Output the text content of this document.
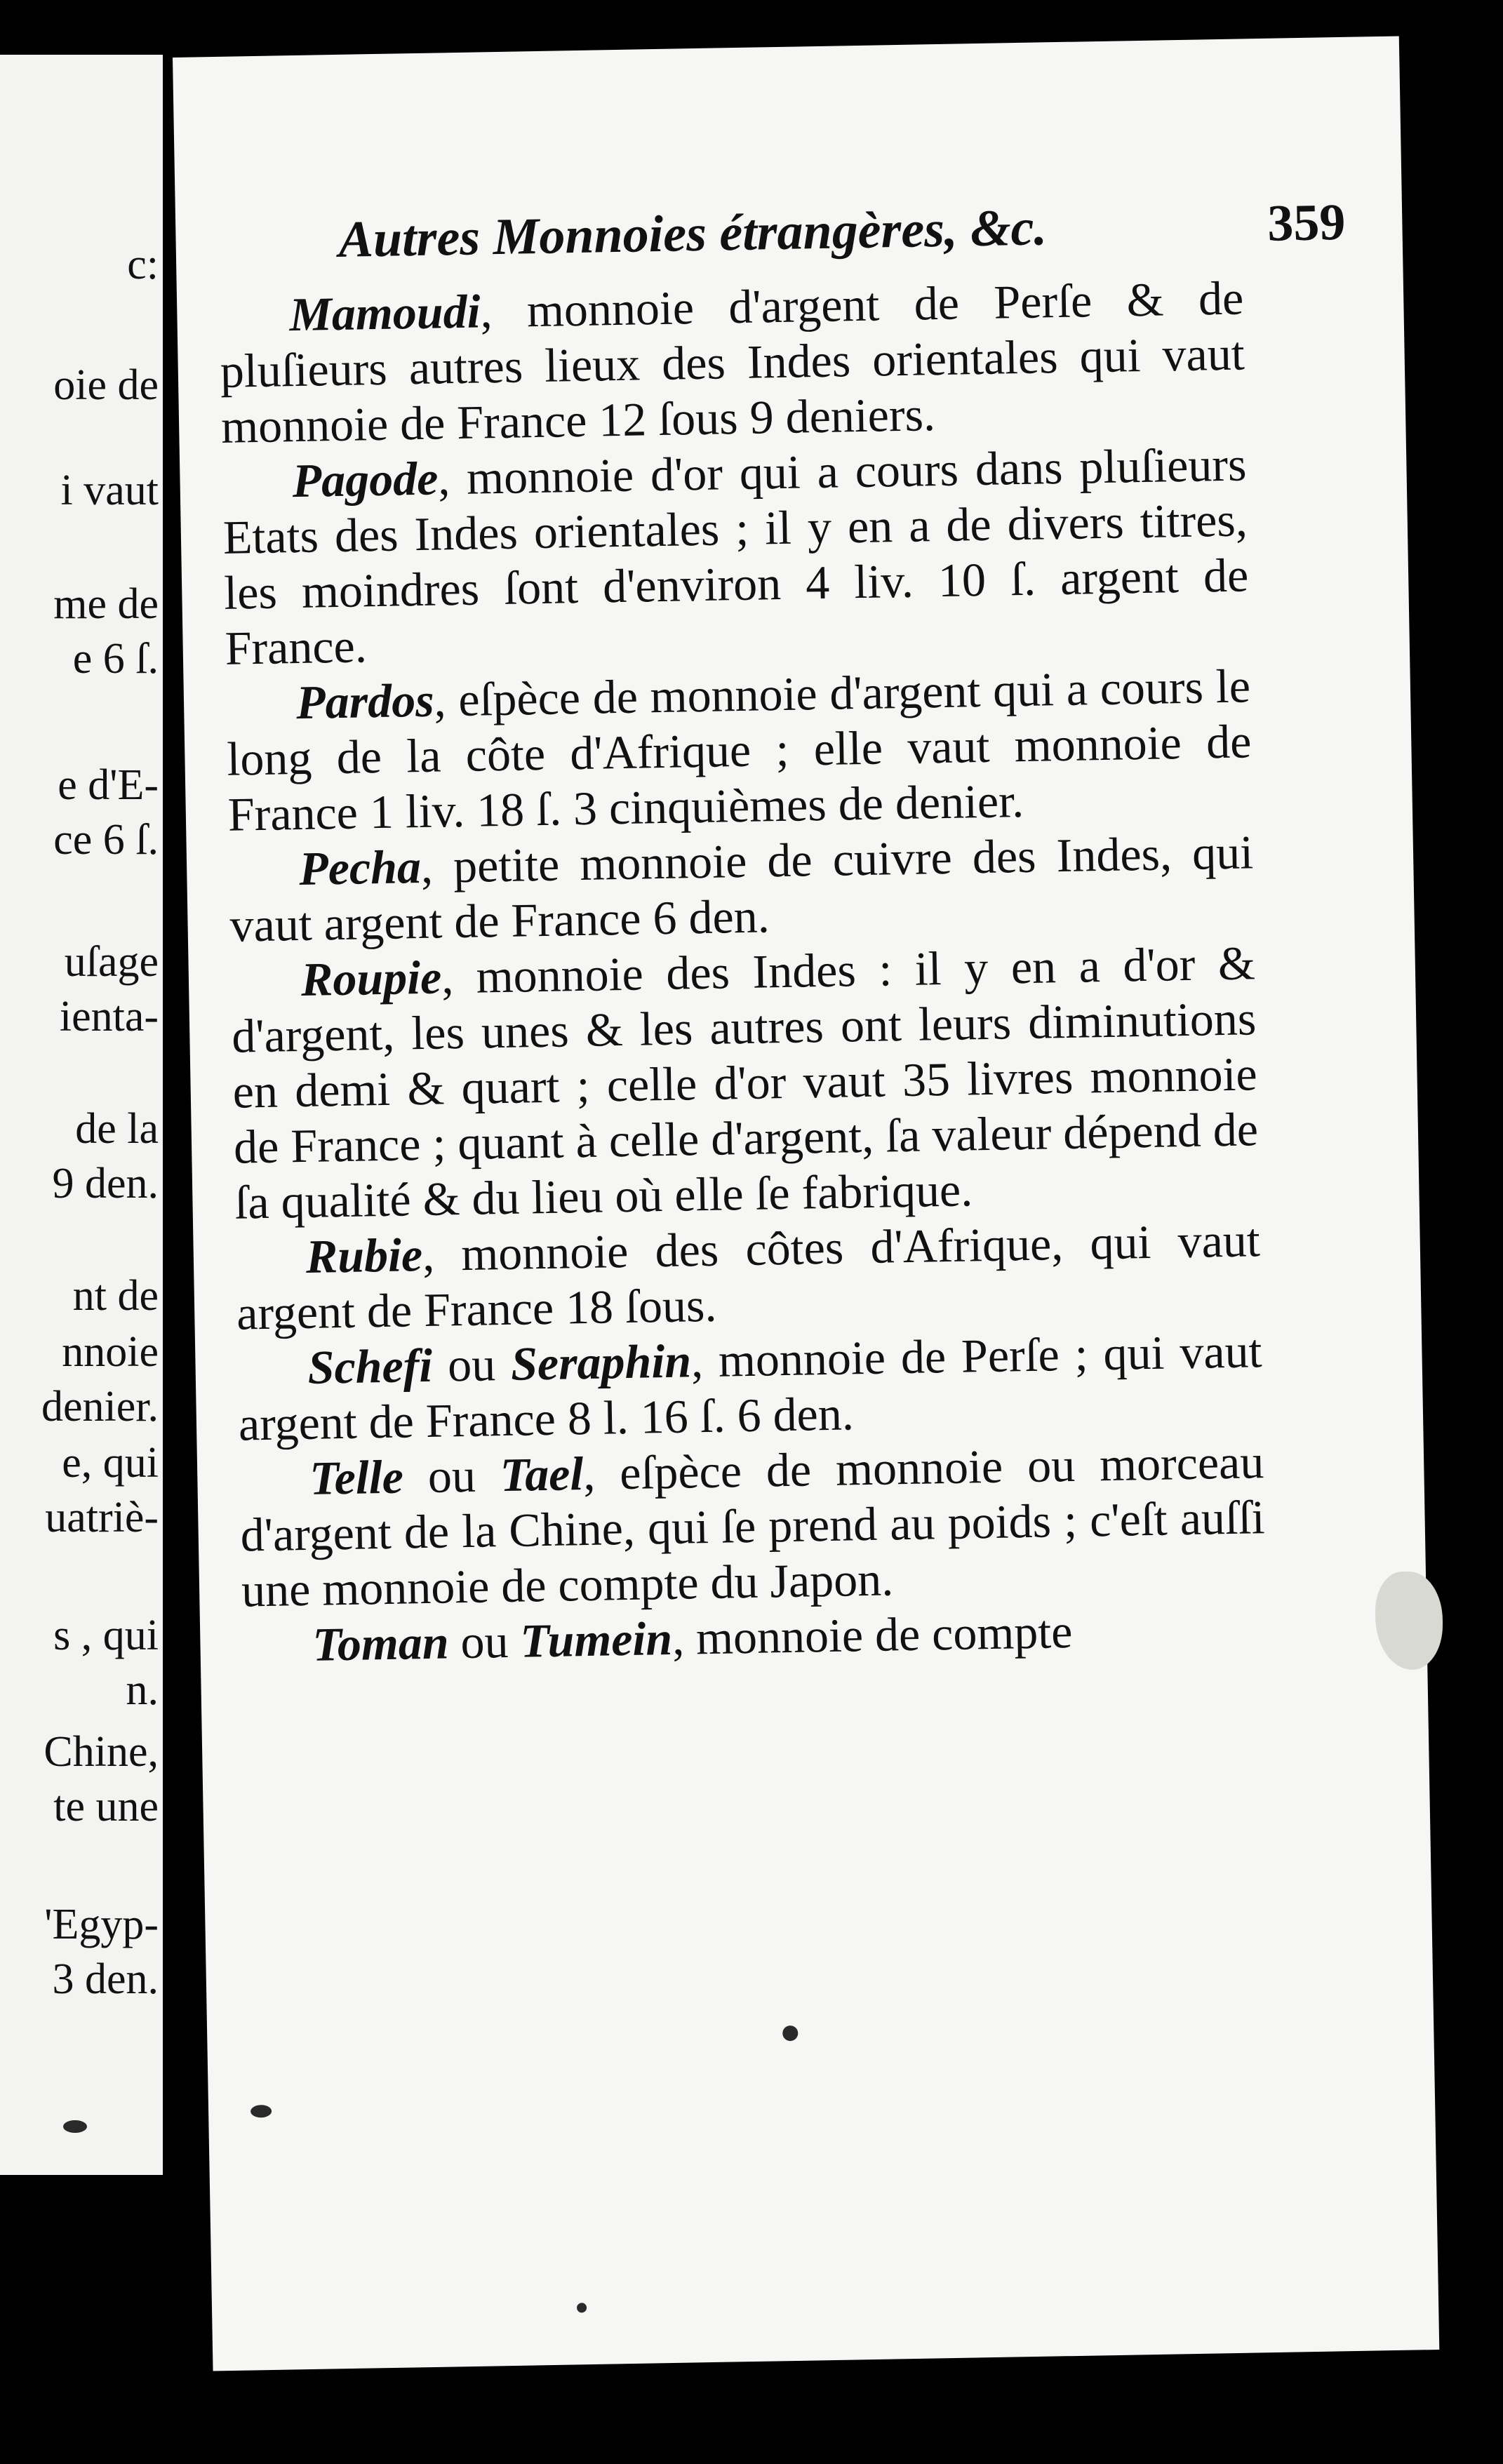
c:

oie de

i vaut

me de

e 6 ſ.

e d'E-

ce 6 ſ.

uſage

ienta-

de la

9 den.

nt de

nnoie

denier.

e, qui

uatriè-

s , qui

n.

Chine,

te une

'Egyp-

3 den.

Autres Monnoies étrangères, &c.	359

Mamoudi, monnoie d'argent de Perſe & de pluſieurs autres lieux des Indes orientales qui vaut monnoie de France 12 ſous 9 deniers.

Pagode, monnoie d'or qui a cours dans pluſieurs Etats des Indes orientales ; il y en a de divers titres, les moindres ſont d'environ 4 liv. 10 ſ. argent de France.

Pardos, eſpèce de monnoie d'argent qui a cours le long de la côte d'Afrique ; elle vaut monnoie de France 1 liv. 18 ſ. 3 cinquièmes de denier.

Pecha, petite monnoie de cuivre des Indes, qui vaut argent de France 6 den.

Roupie, monnoie des Indes : il y en a d'or & d'argent, les unes & les autres ont leurs diminutions en demi & quart ; celle d'or vaut 35 livres monnoie de France ; quant à celle d'argent, ſa valeur dépend de ſa qualité & du lieu où elle ſe fabrique.

Rubie, monnoie des côtes d'Afrique, qui vaut argent de France 18 ſous.

Schefi ou Seraphin, monnoie de Perſe ; qui vaut argent de France 8 l. 16 ſ. 6 den.

Telle ou Tael, eſpèce de monnoie ou morceau d'argent de la Chine, qui ſe prend au poids ; c'eſt auſſi une monnoie de compte du Japon.

Toman ou Tumein, monnoie de compte
